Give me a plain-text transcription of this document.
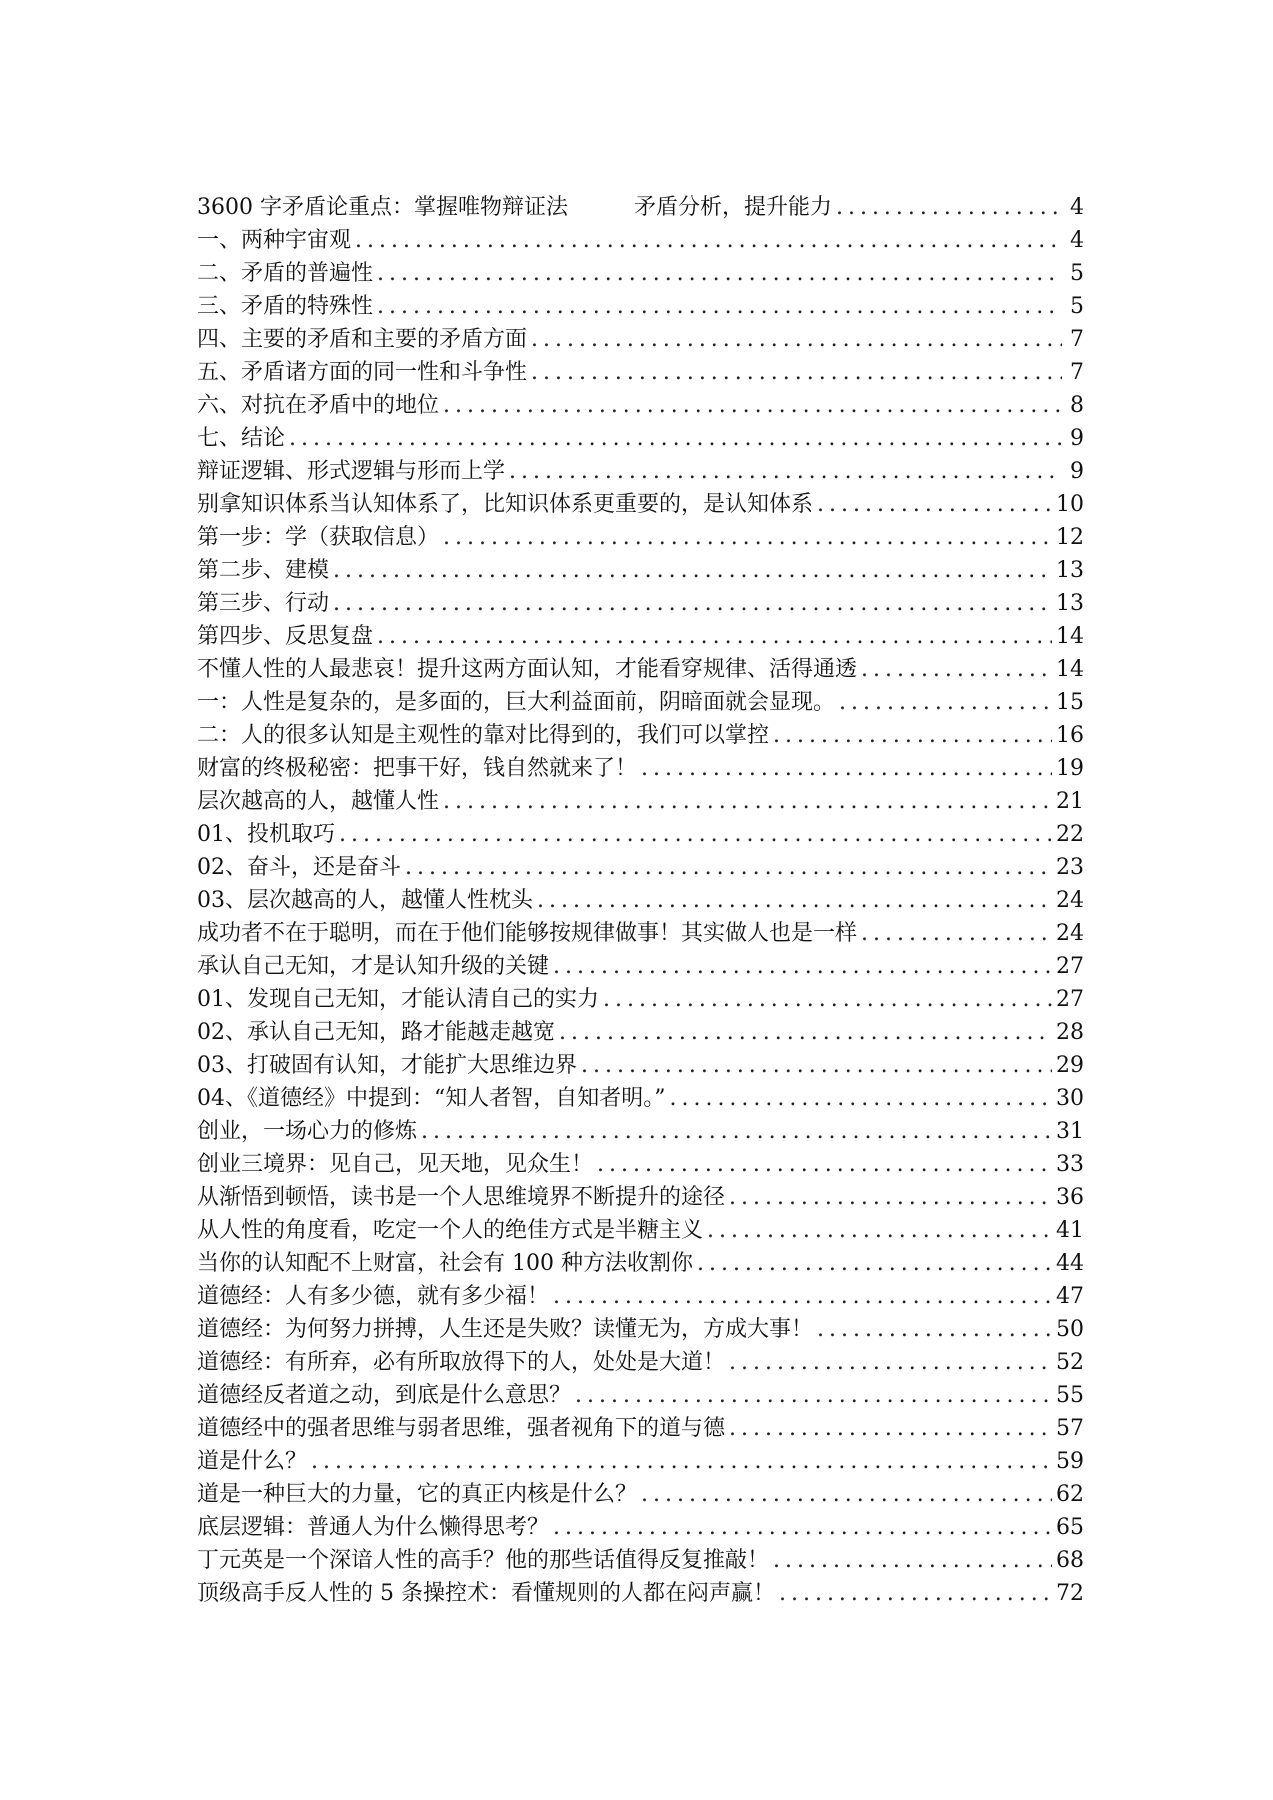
3600 字矛盾论重点：掌握唯物辩证法　　　矛盾分析，提升能力 . . .	4
一、两种宇宙观 . . .	4
二、矛盾的普遍性 . . .	5
三、矛盾的特殊性 . . .	5
四、主要的矛盾和主要的矛盾方面 . . .	7
五、矛盾诸方面的同一性和斗争性 . . .	7
六、对抗在矛盾中的地位 . . .	8
七、结论 . . .	9
辩证逻辑、形式逻辑与形而上学 . . .	9
别拿知识体系当认知体系了，比知识体系更重要的，是认知体系 . . .	10
第一步：学（获取信息） . . .	12
第二步、建模 . . .	13
第三步、行动 . . .	13
第四步、反思复盘 . . .	14
不懂人性的人最悲哀！提升这两方面认知，才能看穿规律、活得通透 . . .	14
一：人性是复杂的，是多面的，巨大利益面前，阴暗面就会显现。 . . .	15
二：人的很多认知是主观性的靠对比得到的，我们可以掌控 . . .	16
财富的终极秘密：把事干好，钱自然就来了！ . . .	19
层次越高的人，越懂人性 . . .	21
01、投机取巧 . . .	22
02、奋斗，还是奋斗 . . .	23
03、层次越高的人，越懂人性枕头 . . .	24
成功者不在于聪明，而在于他们能够按规律做事！其实做人也是一样 . . .	24
承认自己无知，才是认知升级的关键 . . .	27
01、发现自己无知，才能认清自己的实力 . . .	27
02、承认自己无知，路才能越走越宽 . . .	28
03、打破固有认知，才能扩大思维边界 . . .	29
04、《道德经》中提到：“知人者智，自知者明。” . . .	30
创业，一场心力的修炼 . . .	31
创业三境界：见自己，见天地，见众生！ . . .	33
从渐悟到顿悟，读书是一个人思维境界不断提升的途径 . . .	36
从人性的角度看，吃定一个人的绝佳方式是半糖主义 . . .	41
当你的认知配不上财富，社会有 100 种方法收割你 . . .	44
道德经：人有多少德，就有多少福！ . . .	47
道德经：为何努力拼搏，人生还是失败？读懂无为，方成大事！ . . .	50
道德经：有所弃，必有所取放得下的人，处处是大道！ . . .	52
道德经反者道之动，到底是什么意思？ . . .	55
道德经中的强者思维与弱者思维，强者视角下的道与德 . . .	57
道是什么？ . . .	59
道是一种巨大的力量，它的真正内核是什么？ . . .	62
底层逻辑：普通人为什么懒得思考？ . . .	65
丁元英是一个深谙人性的高手？他的那些话值得反复推敲！ . . .	68
顶级高手反人性的 5 条操控术：看懂规则的人都在闷声赢！ . . .	72
